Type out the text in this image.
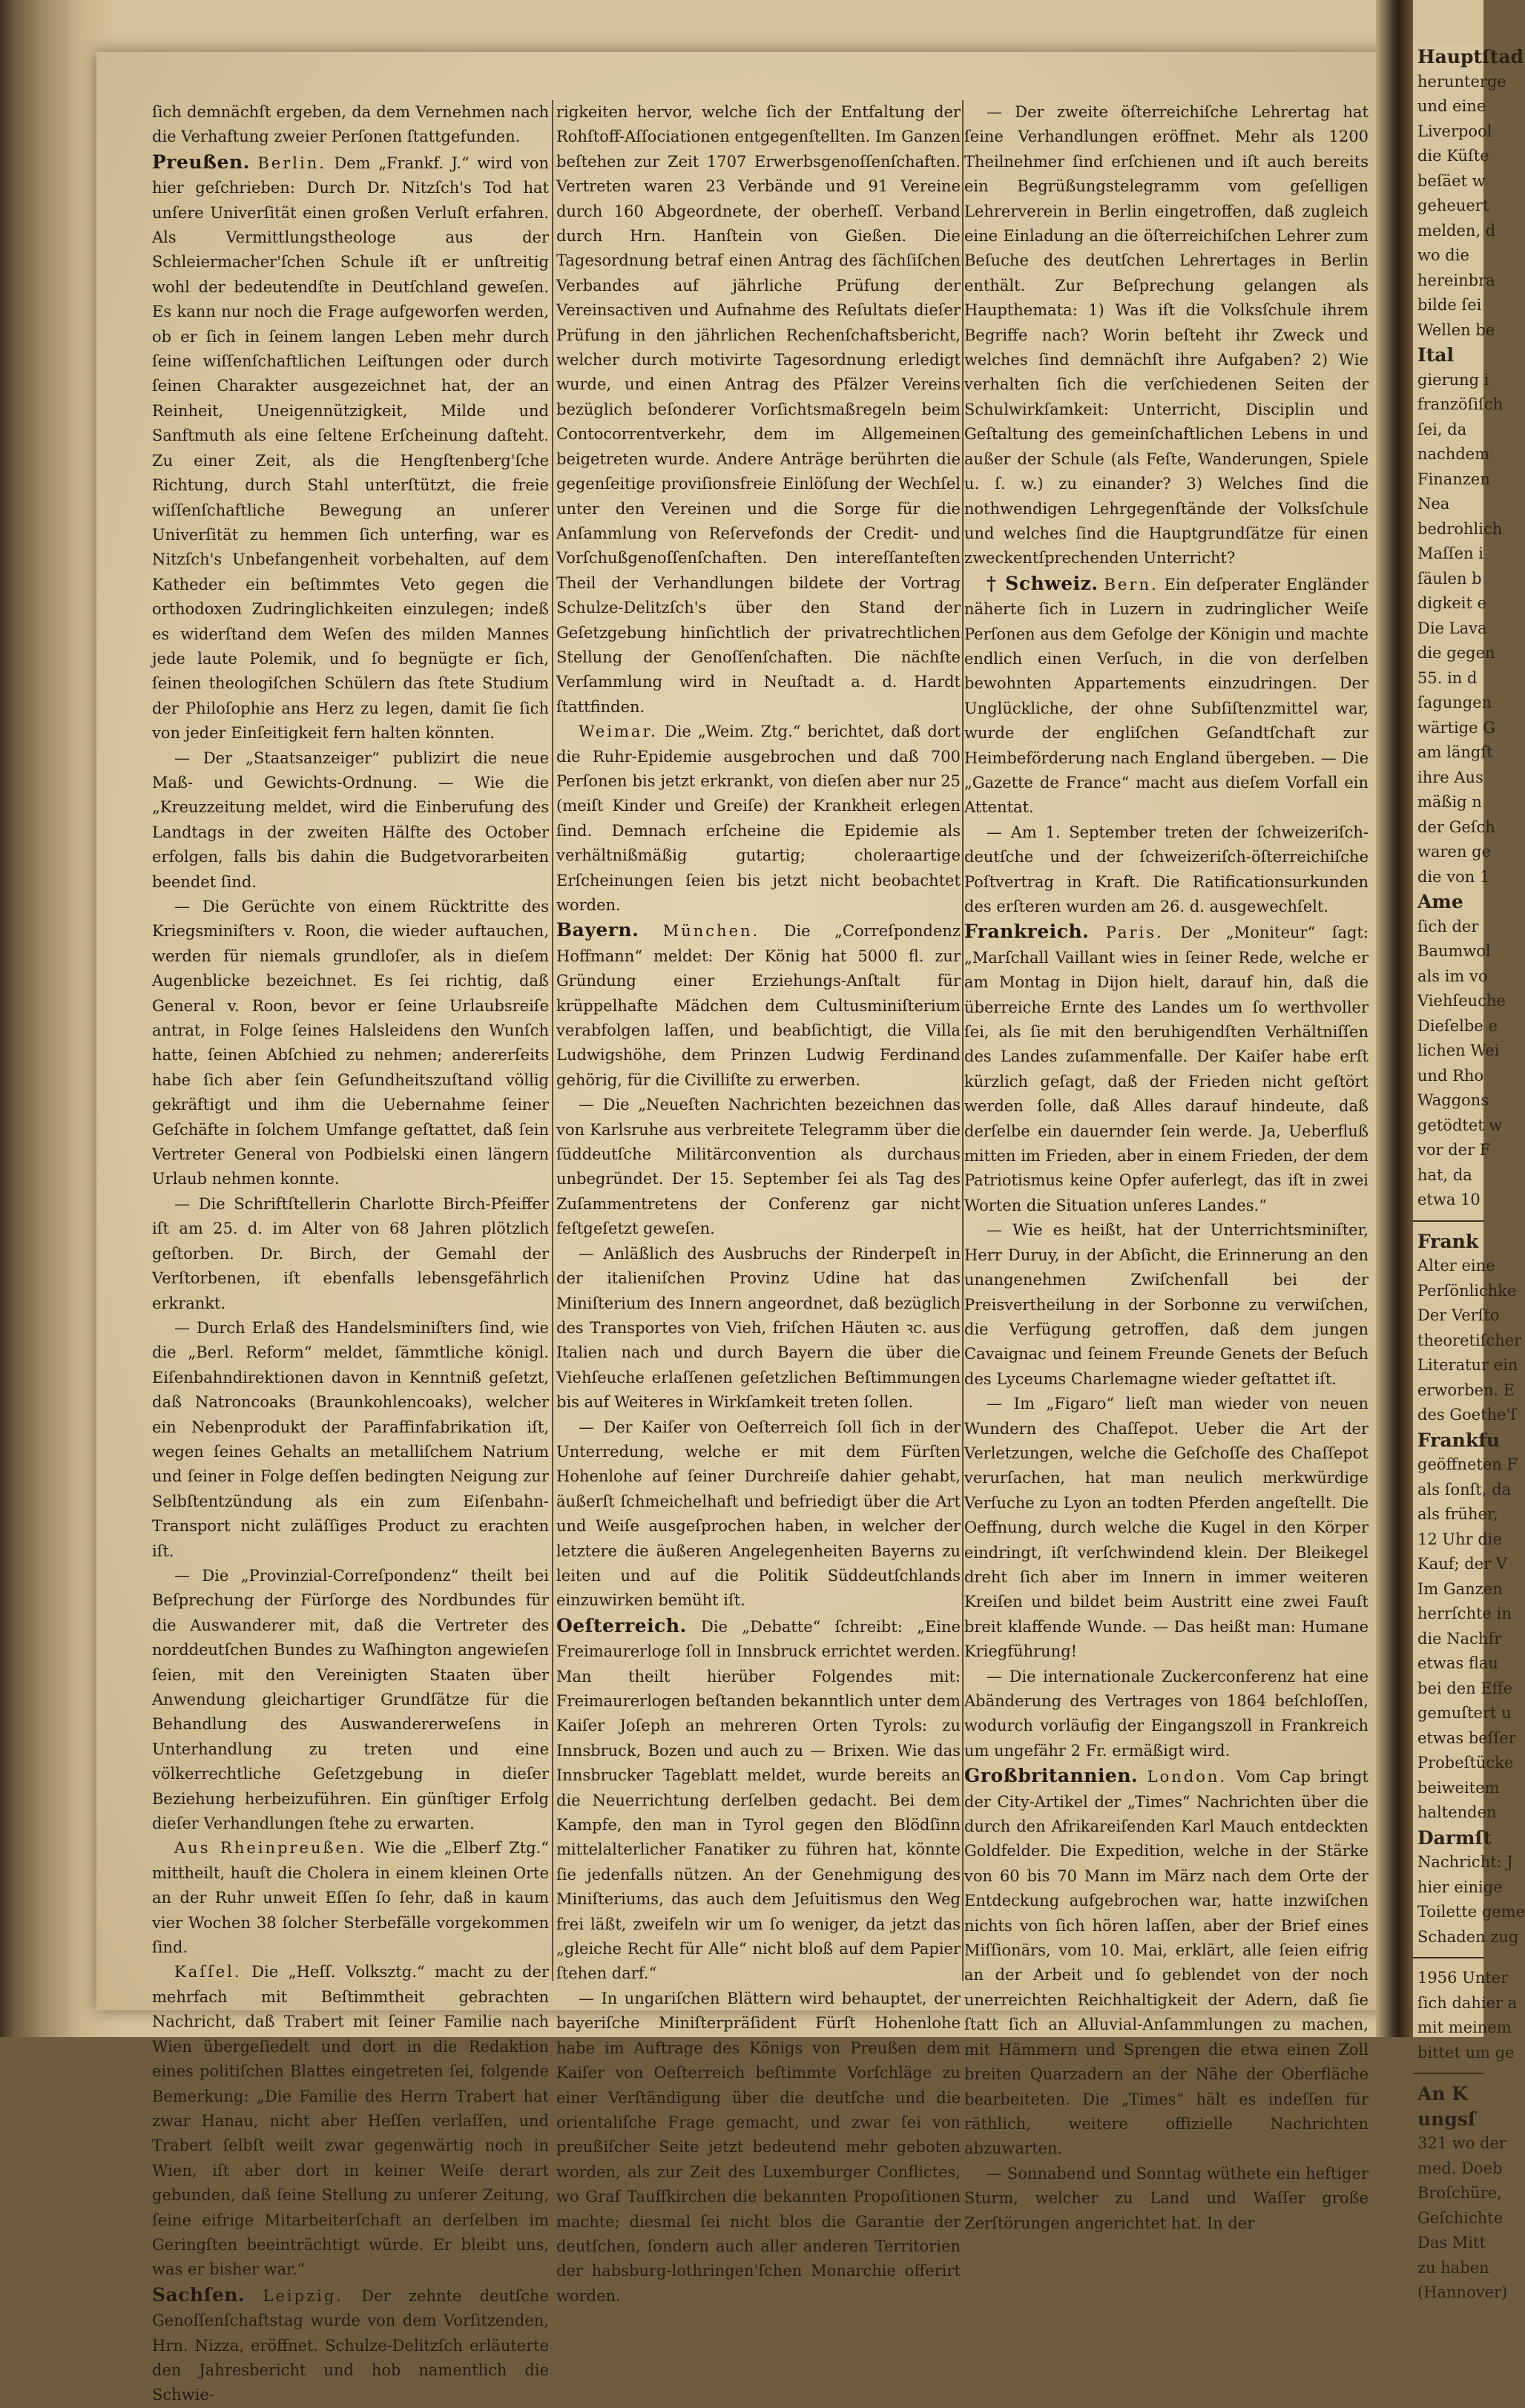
ſich demnächſt ergeben, da dem Vernehmen nach die Verhaftung zweier Perſonen ſtattgefunden.

Preußen. Berlin. Dem „Frankf. J.“ wird von hier geſchrieben: Durch Dr. Nitzſch's Tod hat unſere Univerſität einen großen Verluſt erfahren. Als Vermittlungstheologe aus der Schleiermacher'ſchen Schule iſt er unſtreitig wohl der bedeutendſte in Deutſchland geweſen. Es kann nur noch die Frage aufgeworfen werden, ob er ſich in ſeinem langen Leben mehr durch ſeine wiſſenſchaftlichen Leiſtungen oder durch ſeinen Charakter ausgezeichnet hat, der an Reinheit, Uneigennützigkeit, Milde und Sanftmuth als eine ſeltene Erſcheinung daſteht. Zu einer Zeit, als die Hengſtenberg'ſche Richtung, durch Stahl unterſtützt, die freie wiſſenſchaftliche Bewegung an unſerer Univerſität zu hemmen ſich unterfing, war es Nitzſch's Unbefangenheit vorbehalten, auf dem Katheder ein beſtimmtes Veto gegen die orthodoxen Zudringlichkeiten einzulegen; indeß es widerſtand dem Weſen des milden Mannes jede laute Polemik, und ſo begnügte er ſich, ſeinen theologiſchen Schülern das ſtete Studium der Philoſophie ans Herz zu legen, damit ſie ſich von jeder Einſeitigkeit fern halten könnten.

— Der „Staatsanzeiger“ publizirt die neue Maß- und Gewichts-Ordnung. — Wie die „Kreuzzeitung meldet, wird die Einberufung des Landtags in der zweiten Hälfte des October erfolgen, falls bis dahin die Budgetvorarbeiten beendet ſind.

— Die Gerüchte von einem Rücktritte des Kriegsminiſters v. Roon, die wieder auftauchen, werden für niemals grundloſer, als in dieſem Augenblicke bezeichnet. Es ſei richtig, daß General v. Roon, bevor er ſeine Urlaubsreiſe antrat, in Folge ſeines Halsleidens den Wunſch hatte, ſeinen Abſchied zu nehmen; andererſeits habe ſich aber ſein Geſundheitszuſtand völlig gekräftigt und ihm die Uebernahme ſeiner Geſchäfte in ſolchem Umfange geſtattet, daß ſein Vertreter General von Podbielski einen längern Urlaub nehmen konnte.

— Die Schriftſtellerin Charlotte Birch-Pfeiffer iſt am 25. d. im Alter von 68 Jahren plötzlich geſtorben. Dr. Birch, der Gemahl der Verſtorbenen, iſt ebenfalls lebensgefährlich erkrankt.

— Durch Erlaß des Handelsminiſters ſind, wie die „Berl. Reform“ meldet, ſämmtliche königl. Eiſenbahndirektionen davon in Kenntniß geſetzt, daß Natroncoaks (Braunkohlencoaks), welcher ein Nebenprodukt der Paraffinfabrikation iſt, wegen ſeines Gehalts an metalliſchem Natrium und ſeiner in Folge deſſen bedingten Neigung zur Selbſtentzündung als ein zum Eiſenbahn-Transport nicht zuläſſiges Product zu erachten iſt.

— Die „Provinzial-Correſpondenz“ theilt bei Beſprechung der Fürſorge des Nordbundes für die Auswanderer mit, daß die Vertreter des norddeutſchen Bundes zu Waſhington angewieſen ſeien, mit den Vereinigten Staaten über Anwendung gleichartiger Grundſätze für die Behandlung des Auswandererweſens in Unterhandlung zu treten und eine völkerrechtliche Geſetzgebung in dieſer Beziehung herbeizuführen. Ein günſtiger Erfolg dieſer Verhandlungen ſtehe zu erwarten.

Aus Rheinpreußen. Wie die „Elberf Ztg.“ mittheilt, hauſt die Cholera in einem kleinen Orte an der Ruhr unweit Eſſen ſo ſehr, daß in kaum vier Wochen 38 ſolcher Sterbefälle vorgekommen ſind.

Kaſſel. Die „Heſſ. Volksztg.“ macht zu der mehrfach mit Beſtimmtheit gebrachten Nachricht, daß Trabert mit ſeiner Familie nach Wien übergeſiedelt und dort in die Redaktion eines politiſchen Blattes eingetreten ſei, folgende Bemerkung: „Die Familie des Herrn Trabert hat zwar Hanau, nicht aber Heſſen verlaſſen, und Trabert ſelbſt weilt zwar gegenwärtig noch in Wien, iſt aber dort in keiner Weiſe derart gebunden, daß ſeine Stellung zu unſerer Zeitung, ſeine eifrige Mitarbeiterſchaft an derſelben im Geringſten beeinträchtigt würde. Er bleibt uns, was er bisher war.“

Sachſen. Leipzig. Der zehnte deutſche Genoſſenſchaftstag wurde von dem Vorſitzenden, Hrn. Nizza, eröffnet. Schulze-Delitzſch erläuterte den Jahresbericht und hob namentlich die Schwie-

rigkeiten hervor, welche ſich der Entfaltung der Rohſtoff-Aſſociationen entgegenſtellten. Im Ganzen beſtehen zur Zeit 1707 Erwerbsgenoſſenſchaften. Vertreten waren 23 Verbände und 91 Vereine durch 160 Abgeordnete, der oberheſſ. Verband durch Hrn. Hanſtein von Gießen. Die Tagesordnung betraf einen Antrag des ſächſiſchen Verbandes auf jährliche Prüfung der Vereinsactiven und Aufnahme des Reſultats dieſer Prüfung in den jährlichen Rechenſchaftsbericht, welcher durch motivirte Tagesordnung erledigt wurde, und einen Antrag des Pfälzer Vereins bezüglich beſonderer Vorſichtsmaßregeln beim Contocorrentverkehr, dem im Allgemeinen beigetreten wurde. Andere Anträge berührten die gegenſeitige proviſionsfreie Einlöſung der Wechſel unter den Vereinen und die Sorge für die Anſammlung von Reſervefonds der Credit- und Vorſchußgenoſſenſchaften. Den intereſſanteſten Theil der Verhandlungen bildete der Vortrag Schulze-Delitzſch's über den Stand der Geſetzgebung hinſichtlich der privatrechtlichen Stellung der Genoſſenſchaften. Die nächſte Verſammlung wird in Neuſtadt a. d. Hardt ſtattfinden.

Weimar. Die „Weim. Ztg.“ berichtet, daß dort die Ruhr-Epidemie ausgebrochen und daß 700 Perſonen bis jetzt erkrankt, von dieſen aber nur 25 (meiſt Kinder und Greiſe) der Krankheit erlegen ſind. Demnach erſcheine die Epidemie als verhältnißmäßig gutartig; choleraartige Erſcheinungen ſeien bis jetzt nicht beobachtet worden.

Bayern. München. Die „Correſpondenz Hoffmann“ meldet: Der König hat 5000 fl. zur Gründung einer Erziehungs-Anſtalt für krüppelhafte Mädchen dem Cultusminiſterium verabfolgen laſſen, und beabſichtigt, die Villa Ludwigshöhe, dem Prinzen Ludwig Ferdinand gehörig, für die Civilliſte zu erwerben.

— Die „Neueſten Nachrichten bezeichnen das von Karlsruhe aus verbreitete Telegramm über die ſüddeutſche Militärconvention als durchaus unbegründet. Der 15. September ſei als Tag des Zuſammentretens der Conferenz gar nicht feſtgeſetzt geweſen.

— Anläßlich des Ausbruchs der Rinderpeſt in der italieniſchen Provinz Udine hat das Miniſterium des Innern angeordnet, daß bezüglich des Transportes von Vieh, friſchen Häuten ꝛc. aus Italien nach und durch Bayern die über die Viehſeuche erlaſſenen geſetzlichen Beſtimmungen bis auf Weiteres in Wirkſamkeit treten ſollen.

— Der Kaiſer von Oeſterreich ſoll ſich in der Unterredung, welche er mit dem Fürſten Hohenlohe auf ſeiner Durchreiſe dahier gehabt, äußerſt ſchmeichelhaft und befriedigt über die Art und Weiſe ausgeſprochen haben, in welcher der letztere die äußeren Angelegenheiten Bayerns zu leiten und auf die Politik Süddeutſchlands einzuwirken bemüht iſt.

Oeſterreich. Die „Debatte“ ſchreibt: „Eine Freimaurerloge ſoll in Innsbruck errichtet werden. Man theilt hierüber Folgendes mit: Freimaurerlogen beſtanden bekanntlich unter dem Kaiſer Joſeph an mehreren Orten Tyrols: zu Innsbruck, Bozen und auch zu — Brixen. Wie das Innsbrucker Tageblatt meldet, wurde bereits an die Neuerrichtung derſelben gedacht. Bei dem Kampfe, den man in Tyrol gegen den Blödſinn mittelalterlicher Fanatiker zu führen hat, könnte ſie jedenfalls nützen. An der Genehmigung des Miniſteriums, das auch dem Jeſuitismus den Weg frei läßt, zweifeln wir um ſo weniger, da jetzt das „gleiche Recht für Alle“ nicht bloß auf dem Papier ſtehen darf.“

— In ungariſchen Blättern wird behauptet, der bayeriſche Miniſterpräſident Fürſt Hohenlohe habe im Auftrage des Königs von Preußen dem Kaiſer von Oeſterreich beſtimmte Vorſchläge zu einer Verſtändigung über die deutſche und die orientaliſche Frage gemacht, und zwar ſei von preußiſcher Seite jetzt bedeutend mehr geboten worden, als zur Zeit des Luxemburger Conflictes, wo Graf Tauffkirchen die bekannten Propoſitionen machte; diesmal ſei nicht blos die Garantie der deutſchen, ſondern auch aller anderen Territorien der habsburg-lothringen'ſchen Monarchie offerirt worden.

— Der zweite öſterreichiſche Lehrertag hat ſeine Verhandlungen eröffnet. Mehr als 1200 Theilnehmer ſind erſchienen und iſt auch bereits ein Begrüßungstelegramm vom geſelligen Lehrerverein in Berlin eingetroffen, daß zugleich eine Einladung an die öſterreichiſchen Lehrer zum Beſuche des deutſchen Lehrertages in Berlin enthält. Zur Beſprechung gelangen als Haupthemata: 1) Was iſt die Volksſchule ihrem Begriffe nach? Worin beſteht ihr Zweck und welches ſind demnächſt ihre Aufgaben? 2) Wie verhalten ſich die verſchiedenen Seiten der Schulwirkſamkeit: Unterricht, Disciplin und Geſtaltung des gemeinſchaftlichen Lebens in und außer der Schule (als Feſte, Wanderungen, Spiele u. ſ. w.) zu einander? 3) Welches ſind die nothwendigen Lehrgegenſtände der Volksſchule und welches ſind die Hauptgrundſätze für einen zweckentſprechenden Unterricht?

† Schweiz. Bern. Ein deſperater Engländer näherte ſich in Luzern in zudringlicher Weiſe Perſonen aus dem Gefolge der Königin und machte endlich einen Verſuch, in die von derſelben bewohnten Appartements einzudringen. Der Unglückliche, der ohne Subſiſtenzmittel war, wurde der engliſchen Geſandtſchaft zur Heimbeförderung nach England übergeben. — Die „Gazette de France“ macht aus dieſem Vorfall ein Attentat.

— Am 1. September treten der ſchweizeriſch-deutſche und der ſchweizeriſch-öſterreichiſche Poſtvertrag in Kraft. Die Ratificationsurkunden des erſteren wurden am 26. d. ausgewechſelt.

Frankreich. Paris. Der „Moniteur“ ſagt: „Marſchall Vaillant wies in ſeiner Rede, welche er am Montag in Dijon hielt, darauf hin, daß die überreiche Ernte des Landes um ſo werthvoller ſei, als ſie mit den beruhigendſten Verhältniſſen des Landes zuſammenfalle. Der Kaiſer habe erſt kürzlich geſagt, daß der Frieden nicht geſtört werden ſolle, daß Alles darauf hindeute, daß derſelbe ein dauernder ſein werde. Ja, Ueberfluß mitten im Frieden, aber in einem Frieden, der dem Patriotismus keine Opfer auferlegt, das iſt in zwei Worten die Situation unſeres Landes.“

— Wie es heißt, hat der Unterrichtsminiſter, Herr Duruy, in der Abſicht, die Erinnerung an den unangenehmen Zwiſchenfall bei der Preisvertheilung in der Sorbonne zu verwiſchen, die Verfügung getroffen, daß dem jungen Cavaignac und ſeinem Freunde Genets der Beſuch des Lyceums Charlemagne wieder geſtattet iſt.

— Im „Figaro“ lieſt man wieder von neuen Wundern des Chaſſepot. Ueber die Art der Verletzungen, welche die Geſchoſſe des Chaſſepot verurſachen, hat man neulich merkwürdige Verſuche zu Lyon an todten Pferden angeſtellt. Die Oeffnung, durch welche die Kugel in den Körper eindringt, iſt verſchwindend klein. Der Bleikegel dreht ſich aber im Innern in immer weiteren Kreiſen und bildet beim Austritt eine zwei Fauſt breit klaffende Wunde. — Das heißt man: Humane Kriegführung!

— Die internationale Zuckerconferenz hat eine Abänderung des Vertrages von 1864 beſchloſſen, wodurch vorläufig der Eingangszoll in Frankreich um ungefähr 2 Fr. ermäßigt wird.

Großbritannien. London. Vom Cap bringt der City-Artikel der „Times“ Nachrichten über die durch den Afrikareiſenden Karl Mauch entdeckten Goldfelder. Die Expedition, welche in der Stärke von 60 bis 70 Mann im März nach dem Orte der Entdeckung aufgebrochen war, hatte inzwiſchen nichts von ſich hören laſſen, aber der Brief eines Miſſionärs, vom 10. Mai, erklärt, alle ſeien eifrig an der Arbeit und ſo geblendet von der noch unerreichten Reichhaltigkeit der Adern, daß ſie ſtatt ſich an Alluvial-Anſammlungen zu machen, mit Hämmern und Sprengen die etwa einen Zoll breiten Quarzadern an der Nähe der Oberfläche bearbeiteten. Die „Times“ hält es indeſſen für räthlich, weitere offizielle Nachrichten abzuwarten.

— Sonnabend und Sonntag wüthete ein heftiger Sturm, welcher zu Land und Waſſer große Zerſtörungen angerichtet hat. In der

Hauptſtad
herunterge
und eine
Liverpool
die Küſte
beſäet w
geheuert
melden, d
wo die
hereinbra
bilde ſei
Wellen be
Ital
gierung i
franzöſiſch
ſei, da
nachdem
Finanzen
Nea
bedrohlich
Maſſen i
ſäulen b
digkeit e
Die Lava
die gegen
55. in d
ſagungen
wärtige G
am längſt
ihre Aus
mäßig n
der Geſch
waren ge
die von 1
Ame
ſich der
Baumwol
als im vo
Viehſeuche
Dieſelbe e
lichen Wei
und Rho
Waggons
getödtet w
vor der F
hat, da
etwa 10
Frank
Alter eine
Perſönlichke
Der Verſto
theoretiſcher
Literatur ein
erworben. E
des Goethe'ſ
Frankfu
geöffneten F
als ſonſt, da
als früher,
12 Uhr die
Kauf; der V
Im Ganzen
herrſchte in
die Nachfr
etwas flau
bei den Effe
gemuſtert u
etwas beſſer
Probeſtücke
beiweitem
haltenden
Darmſt
Nachricht: J
hier einige
Toilette geme
Schaden zug
1956 Unter
ſich dahier a
mit meinem
bittet um ge
An K
ungsſ
321 wo der
med. Doeb
Broſchüre,
Geſchichte
Das Mitt
zu haben
(Hannover)
